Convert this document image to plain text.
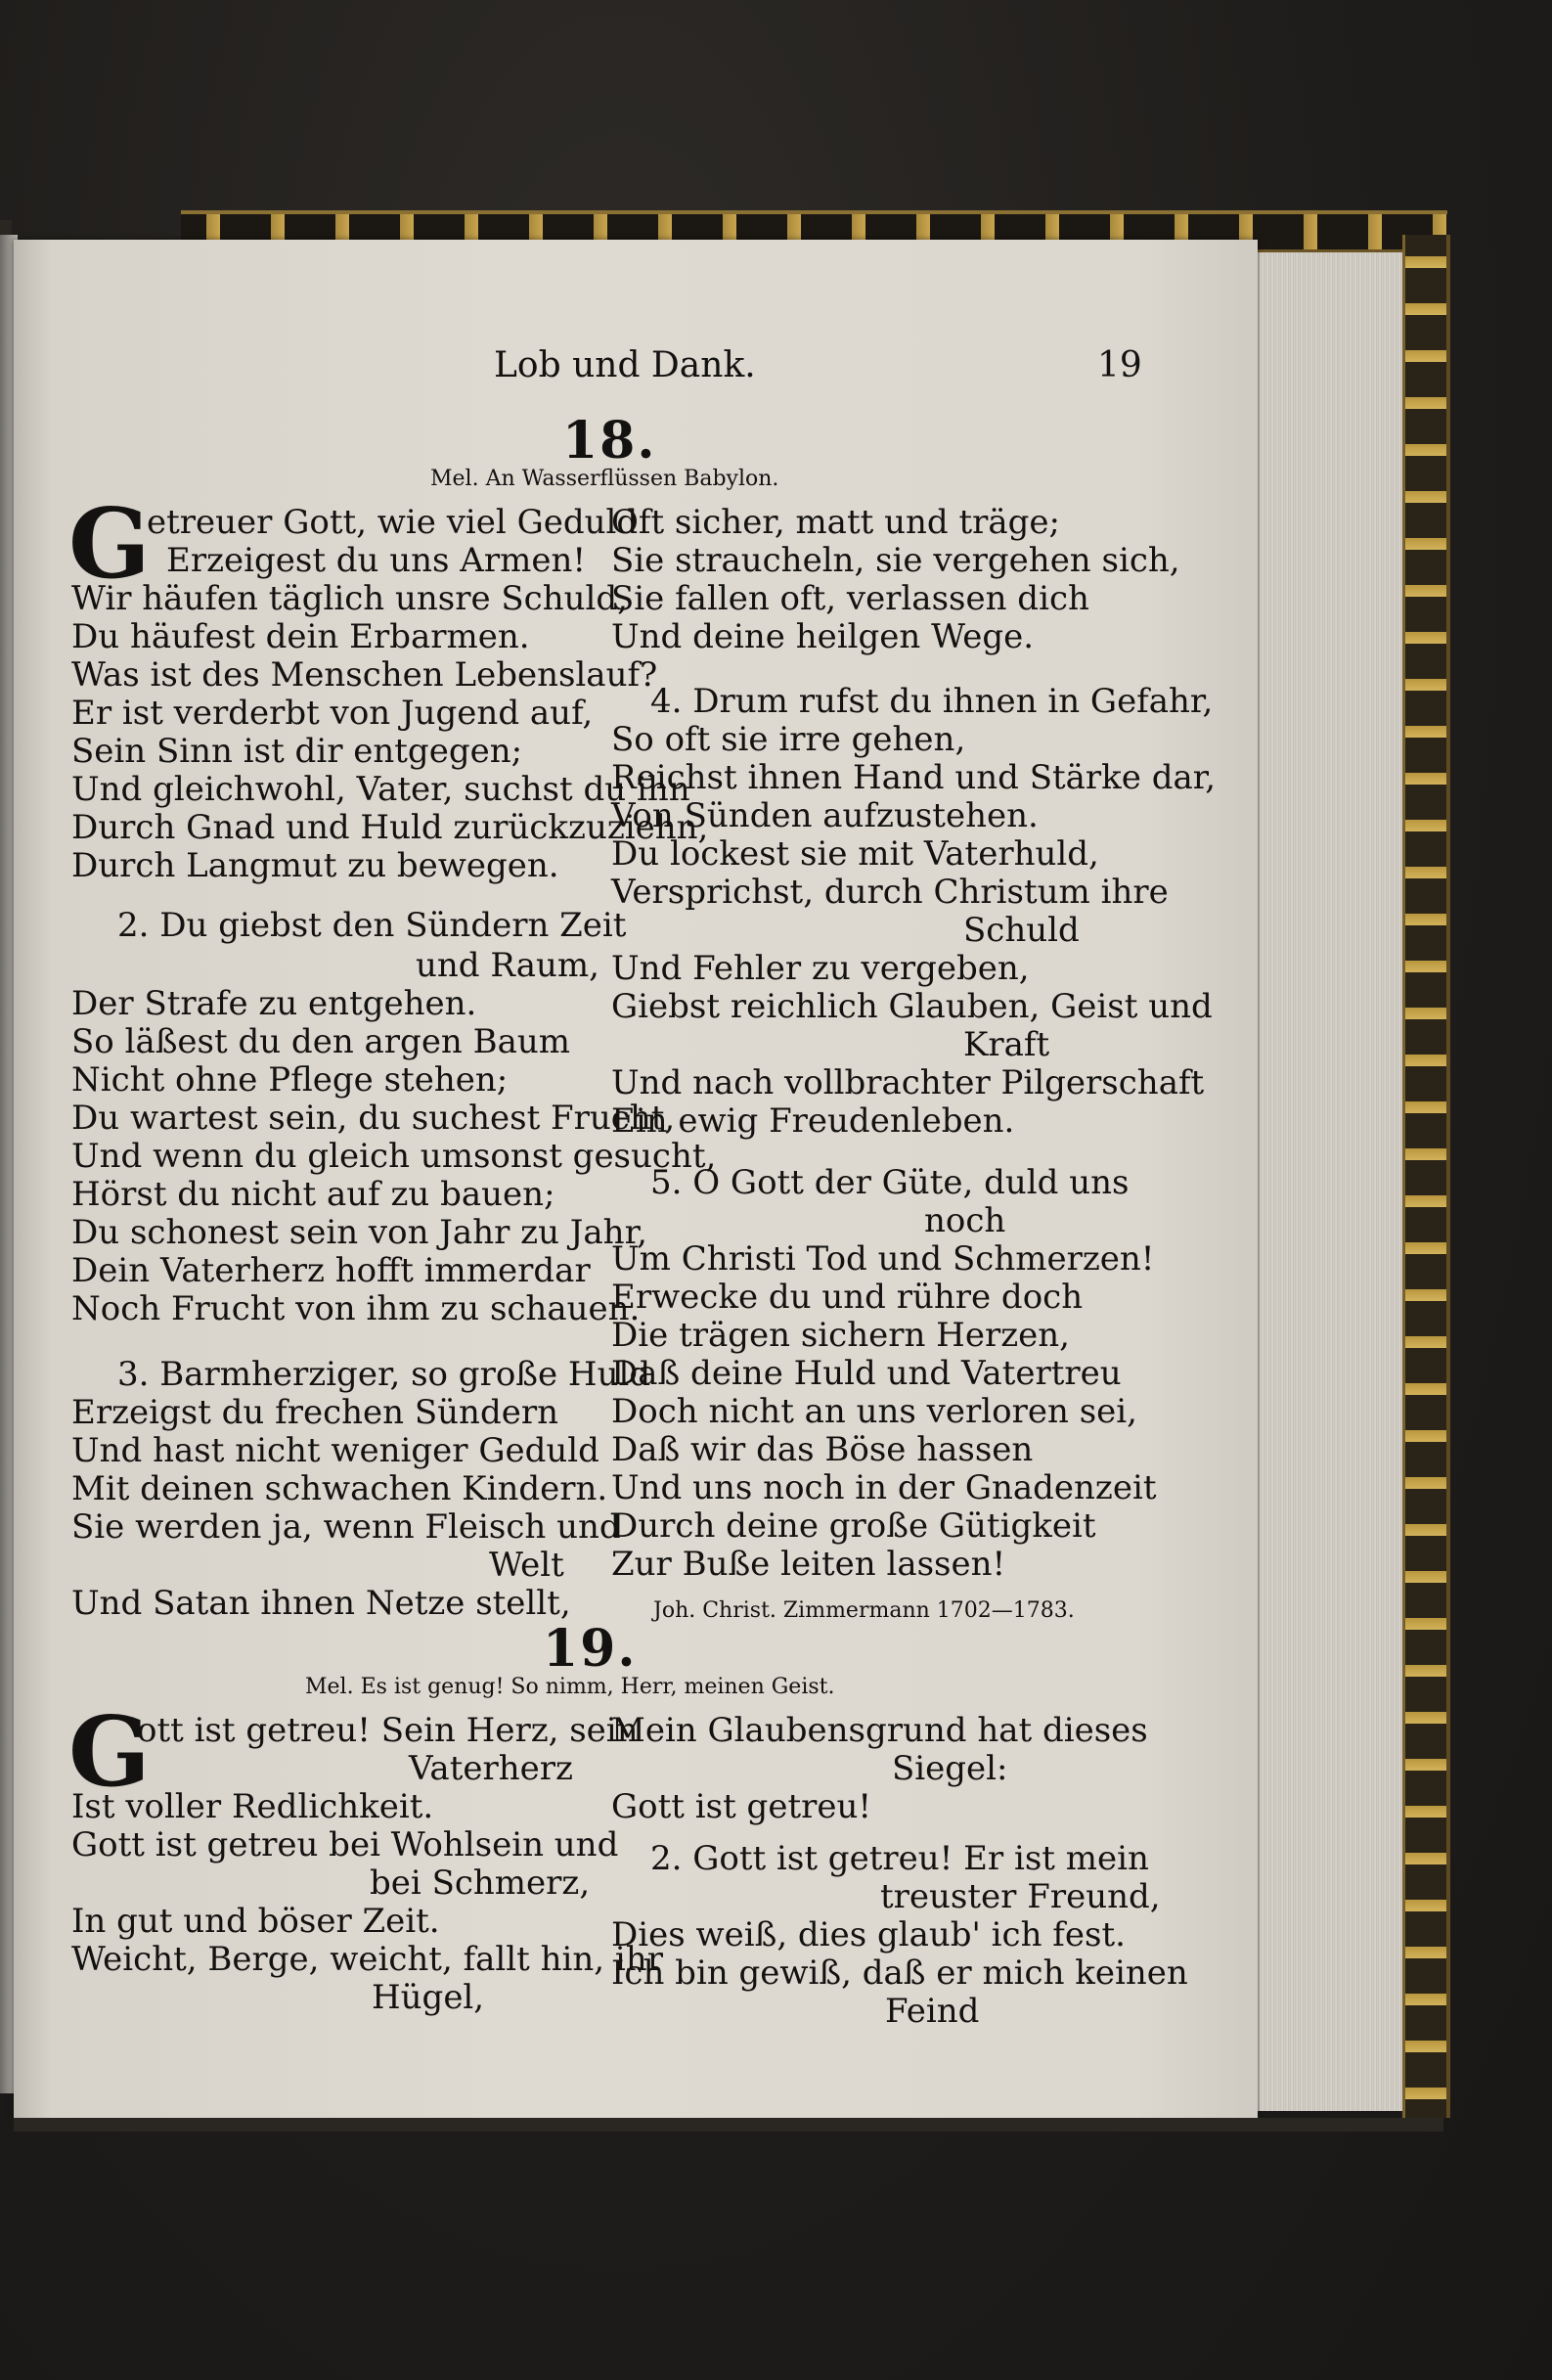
Lob und Dank.	19
18.
Mel. An Wasserflüssen Babylon.
G
etreuer Gott, wie viel Geduld
Erzeigest du uns Armen!
Wir häufen täglich unsre Schuld,
Du häufest dein Erbarmen.
Was ist des Menschen Lebenslauf?
Er ist verderbt von Jugend auf,
Sein Sinn ist dir entgegen;
Und gleichwohl, Vater, suchst du ihn
Durch Gnad und Huld zurückzuziehn,
Durch Langmut zu bewegen.
2. Du giebst den Sündern Zeit
und Raum,
Der Strafe zu entgehen.
So läßest du den argen Baum
Nicht ohne Pflege stehen;
Du wartest sein, du suchest Frucht,
Und wenn du gleich umsonst gesucht,
Hörst du nicht auf zu bauen;
Du schonest sein von Jahr zu Jahr,
Dein Vaterherz hofft immerdar
Noch Frucht von ihm zu schauen.
3. Barmherziger, so große Huld
Erzeigst du frechen Sündern
Und hast nicht weniger Geduld
Mit deinen schwachen Kindern.
Sie werden ja, wenn Fleisch und
Welt
Und Satan ihnen Netze stellt,
Oft sicher, matt und träge;
Sie straucheln, sie vergehen sich,
Sie fallen oft, verlassen dich
Und deine heilgen Wege.
4. Drum rufst du ihnen in Gefahr,
So oft sie irre gehen,
Reichst ihnen Hand und Stärke dar,
Von Sünden aufzustehen.
Du lockest sie mit Vaterhuld,
Versprichst, durch Christum ihre
Schuld
Und Fehler zu vergeben,
Giebst reichlich Glauben, Geist und
Kraft
Und nach vollbrachter Pilgerschaft
Ein ewig Freudenleben.
5. O Gott der Güte, duld uns
noch
Um Christi Tod und Schmerzen!
Erwecke du und rühre doch
Die trägen sichern Herzen,
Daß deine Huld und Vatertreu
Doch nicht an uns verloren sei,
Daß wir das Böse hassen
Und uns noch in der Gnadenzeit
Durch deine große Gütigkeit
Zur Buße leiten lassen!
Joh. Christ. Zimmermann 1702—1783.
19.
Mel. Es ist genug! So nimm, Herr, meinen Geist.
G
ott ist getreu! Sein Herz, sein
Vaterherz
Ist voller Redlichkeit.
Gott ist getreu bei Wohlsein und
bei Schmerz,
In gut und böser Zeit.
Weicht, Berge, weicht, fallt hin, ihr
Hügel,
Mein Glaubensgrund hat dieses
Siegel:
Gott ist getreu!
2. Gott ist getreu! Er ist mein
treuster Freund,
Dies weiß, dies glaub' ich fest.
Ich bin gewiß, daß er mich keinen
Feind
